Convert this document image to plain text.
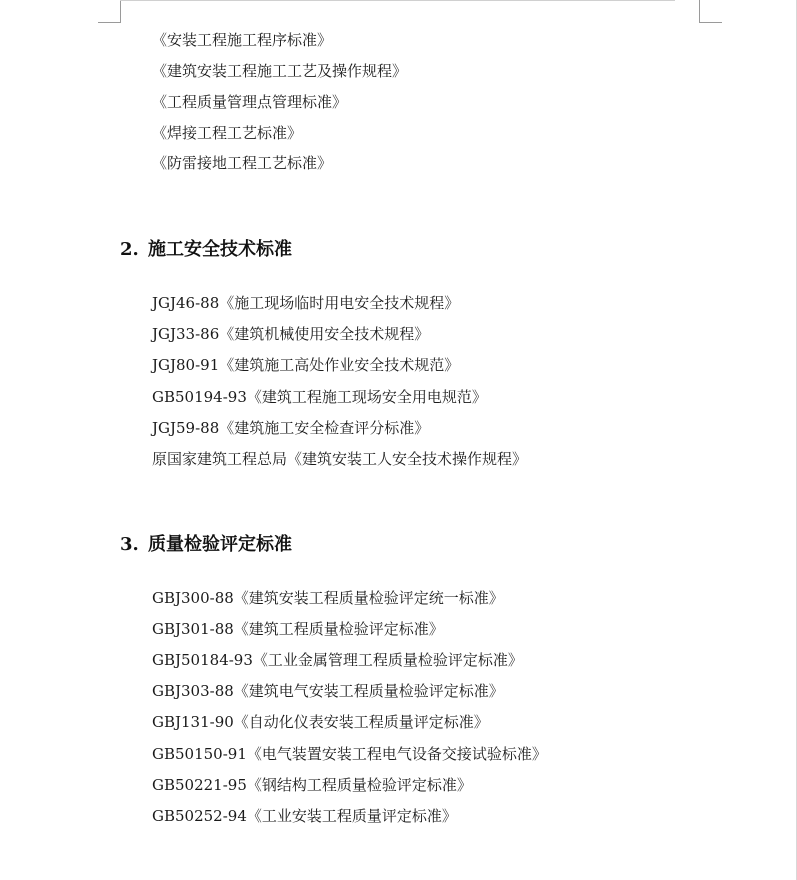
《安装工程施工程序标准》
《建筑安装工程施工工艺及操作规程》
《工程质量管理点管理标准》
《焊接工程工艺标准》
《防雷接地工程工艺标准》
2. 施工安全技术标准
JGJ46-88《施工现场临时用电安全技术规程》
JGJ33-86《建筑机械使用安全技术规程》
JGJ80-91《建筑施工高处作业安全技术规范》
GB50194-93《建筑工程施工现场安全用电规范》
JGJ59-88《建筑施工安全检查评分标准》
原国家建筑工程总局《建筑安装工人安全技术操作规程》
3. 质量检验评定标准
GBJ300-88《建筑安装工程质量检验评定统一标准》
GBJ301-88《建筑工程质量检验评定标准》
GBJ50184-93《工业金属管理工程质量检验评定标准》
GBJ303-88《建筑电气安装工程质量检验评定标准》
GBJ131-90《自动化仪表安装工程质量评定标准》
GB50150-91《电气装置安装工程电气设备交接试验标准》
GB50221-95《钢结构工程质量检验评定标准》
GB50252-94《工业安装工程质量评定标准》
